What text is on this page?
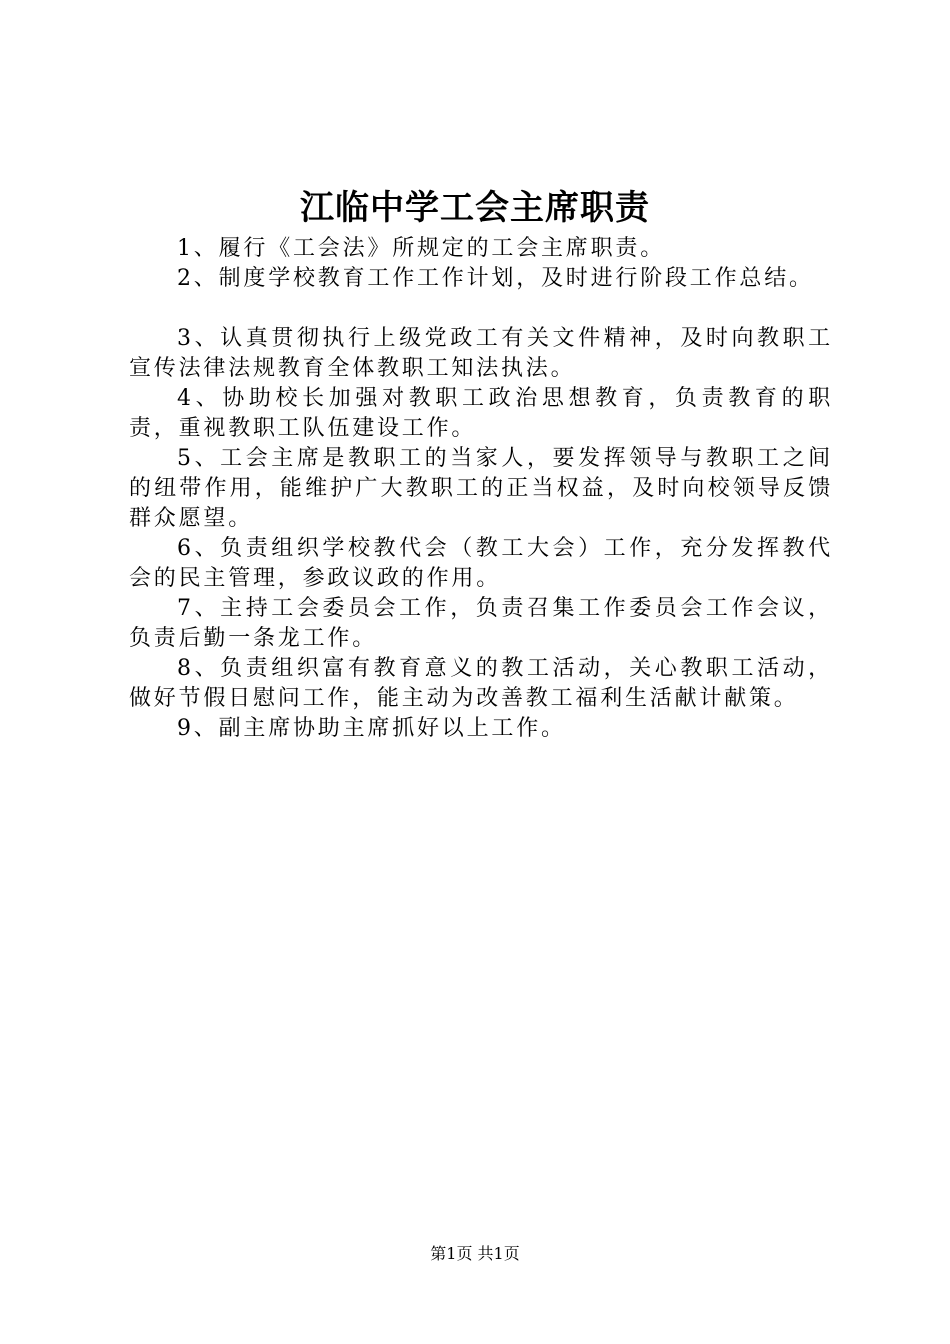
江临中学工会主席职责

1、履行《工会法》所规定的工会主席职责。

2、制度学校教育工作工作计划，及时进行阶段工作总结。

3、认真贯彻执行上级党政工有关文件精神，及时向教职工宣传法律法规教育全体教职工知法执法。

4、协助校长加强对教职工政治思想教育，负责教育的职责，重视教职工队伍建设工作。

5、工会主席是教职工的当家人，要发挥领导与教职工之间的纽带作用，能维护广大教职工的正当权益，及时向校领导反馈群众愿望。

6、负责组织学校教代会（教工大会）工作，充分发挥教代会的民主管理，参政议政的作用。

7、主持工会委员会工作，负责召集工作委员会工作会议，负责后勤一条龙工作。

8、负责组织富有教育意义的教工活动，关心教职工活动，做好节假日慰问工作，能主动为改善教工福利生活献计献策。

9、副主席协助主席抓好以上工作。

第1页 共1页
